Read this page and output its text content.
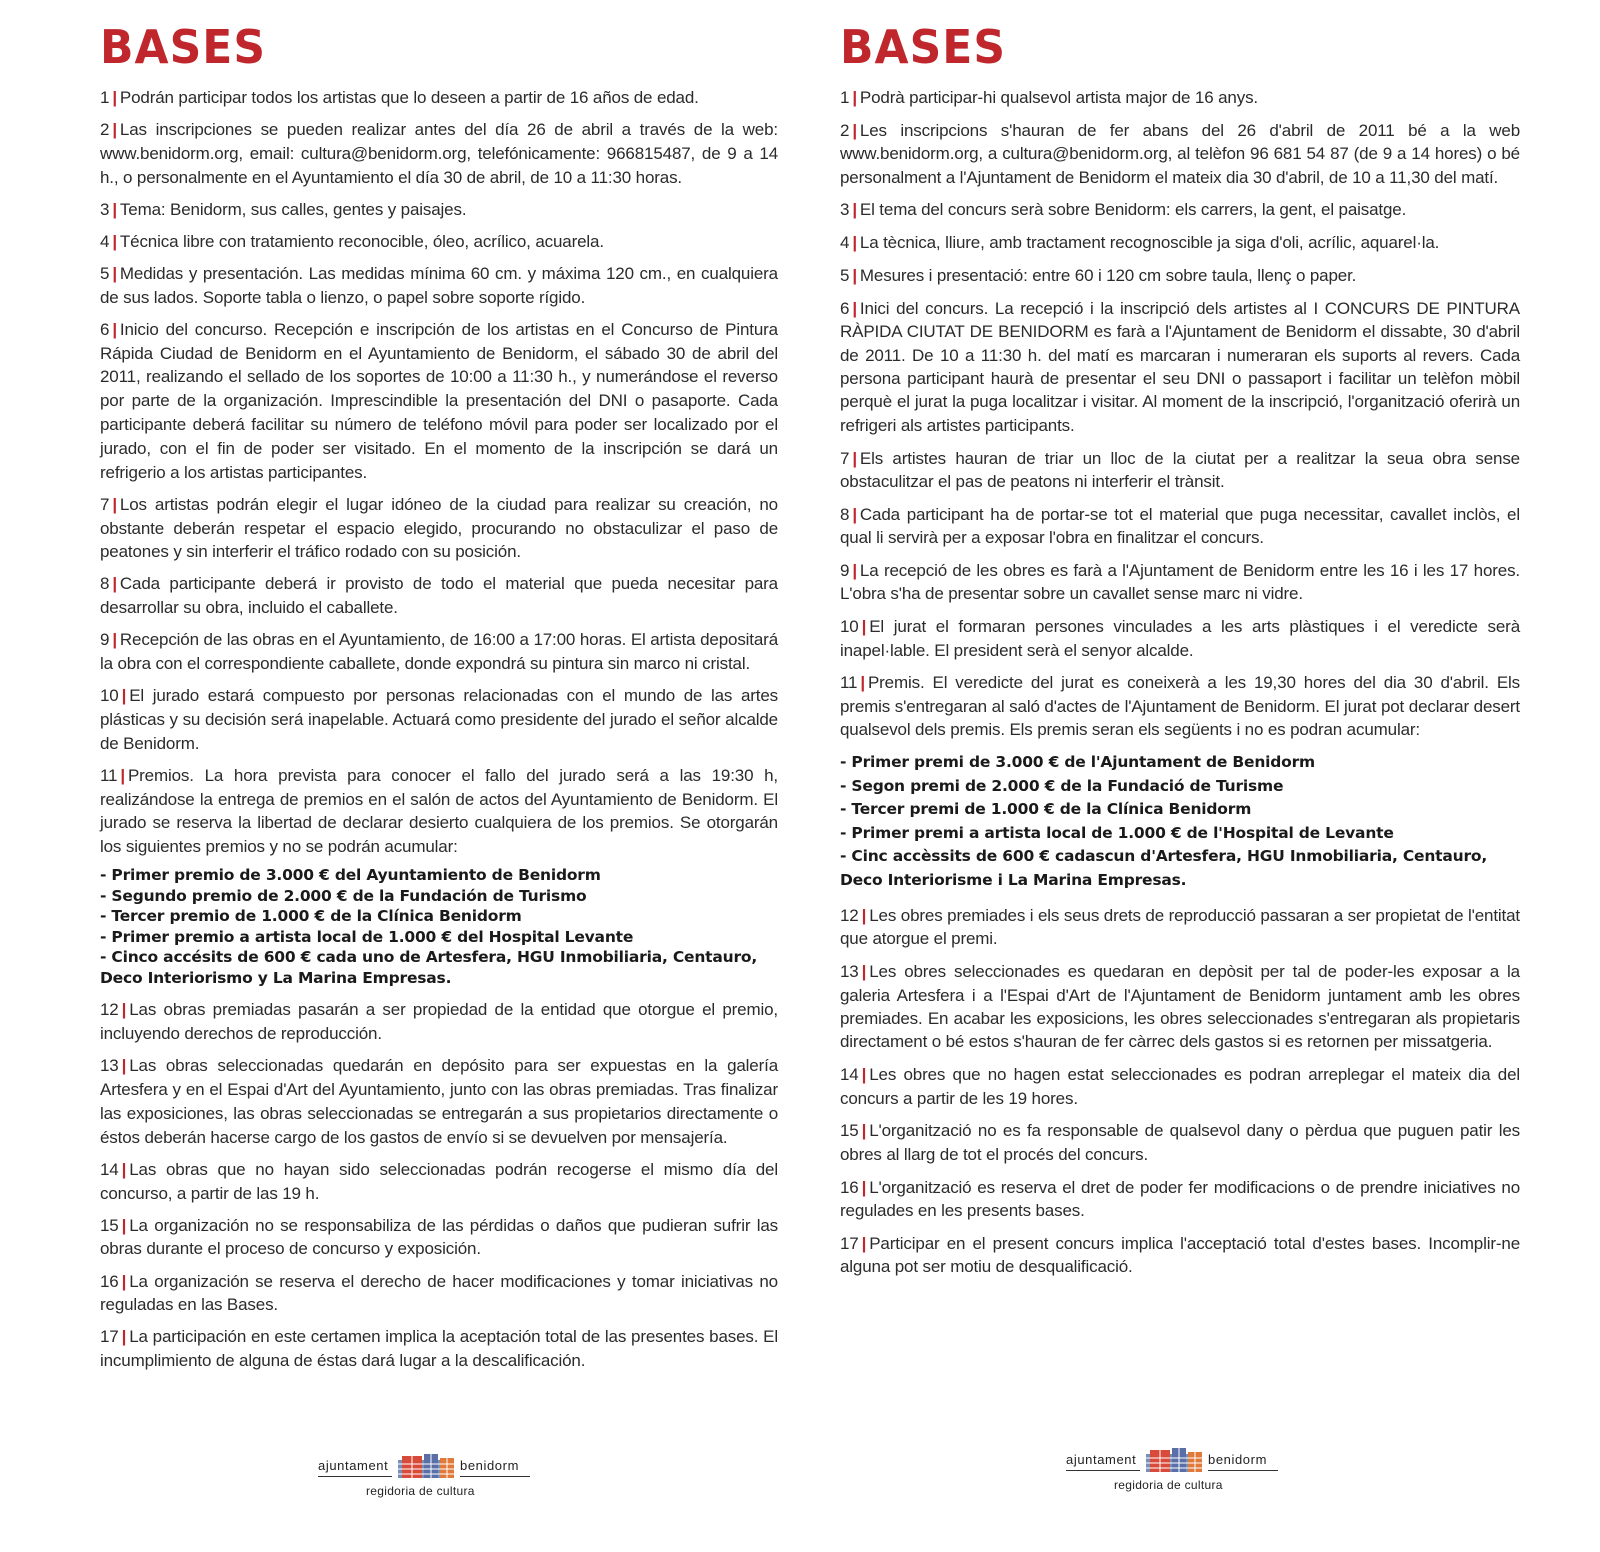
BASES

1 | Podrán participar todos los artistas que lo deseen a partir de 16 años de edad.

2 | Las inscripciones se pueden realizar antes del día 26 de abril a través de la web: www.benidorm.org, email: cultura@benidorm.org, telefónicamente: 966815487, de 9 a 14 h., o personalmente en el Ayuntamiento el día 30 de abril, de 10 a 11:30 horas.

3 | Tema: Benidorm, sus calles, gentes y paisajes.

4 | Técnica libre con tratamiento reconocible, óleo, acrílico, acuarela.

5 | Medidas y presentación. Las medidas mínima 60 cm. y máxima 120 cm., en cualquiera de sus lados. Soporte tabla o lienzo, o papel sobre soporte rígido.

6 | Inicio del concurso. Recepción e inscripción de los artistas en el Concurso de Pintura Rápida Ciudad de Benidorm en el Ayuntamiento de Benidorm, el sábado 30 de abril del 2011, realizando el sellado de los soportes de 10:00 a 11:30 h., y numerándose el reverso por parte de la organización. Imprescindible la presentación del DNI o pasaporte. Cada participante deberá facilitar su número de teléfono móvil para poder ser localizado por el jurado, con el fin de poder ser visitado. En el momento de la inscripción se dará un refrigerio a los artistas participantes.

7 | Los artistas podrán elegir el lugar idóneo de la ciudad para realizar su creación, no obstante deberán respetar el espacio elegido, procurando no obstaculizar el paso de peatones y sin interferir el tráfico rodado con su posición.

8 | Cada participante deberá ir provisto de todo el material que pueda necesitar para desarrollar su obra, incluido el caballete.

9 | Recepción de las obras en el Ayuntamiento, de 16:00 a 17:00 horas. El artista depositará la obra con el correspondiente caballete, donde expondrá su pintura sin marco ni cristal.

10 | El jurado estará compuesto por personas relacionadas con el mundo de las artes plásticas y su decisión será inapelable. Actuará como presidente del jurado el señor alcalde de Benidorm.

11 | Premios. La hora prevista para conocer el fallo del jurado será a las 19:30 h, realizándose la entrega de premios en el salón de actos del Ayuntamiento de Benidorm. El jurado se reserva la libertad de declarar desierto cualquiera de los premios. Se otorgarán los siguientes premios y no se podrán acumular:

- Primer premio de 3.000 € del Ayuntamiento de Benidorm
- Segundo premio de 2.000 € de la Fundación de Turismo
- Tercer premio de 1.000 € de la Clínica Benidorm
- Primer premio a artista local de 1.000 € del Hospital Levante
- Cinco accésits de 600 € cada uno de Artesfera, HGU Inmobiliaria, Centauro, Deco Interiorismo y La Marina Empresas.

12 | Las obras premiadas pasarán a ser propiedad de la entidad que otorgue el premio, incluyendo derechos de reproducción.

13 | Las obras seleccionadas quedarán en depósito para ser expuestas en la galería Artesfera y en el Espai d'Art del Ayuntamiento, junto con las obras premiadas. Tras finalizar las exposiciones, las obras seleccionadas se entregarán a sus propietarios directamente o éstos deberán hacerse cargo de los gastos de envío si se devuelven por mensajería.

14 | Las obras que no hayan sido seleccionadas podrán recogerse el mismo día del concurso, a partir de las 19 h.

15 | La organización no se responsabiliza de las pérdidas o daños que pudieran sufrir las obras durante el proceso de concurso y exposición.

16 | La organización se reserva el derecho de hacer modificaciones y tomar iniciativas no reguladas en las Bases.

17 | La participación en este certamen implica la aceptación total de las presentes bases. El incumplimiento de alguna de éstas dará lugar a la descalificación.

BASES

1 | Podrà participar-hi qualsevol artista major de 16 anys.

2 | Les inscripcions s'hauran de fer abans del 26 d'abril de 2011 bé a la web www.benidorm.org, a cultura@benidorm.org, al telèfon 96 681 54 87 (de 9 a 14 hores) o bé personalment a l'Ajuntament de Benidorm el mateix dia 30 d'abril, de 10 a 11,30 del matí.

3 | El tema del concurs serà sobre Benidorm: els carrers, la gent, el paisatge.

4 | La tècnica, lliure, amb tractament recognoscible ja siga d'oli, acrílic, aquarel·la.

5 | Mesures i presentació: entre 60 i 120 cm sobre taula, llenç o paper.

6 | Inici del concurs. La recepció i la inscripció dels artistes al I CONCURS DE PINTURA RÀPIDA CIUTAT DE BENIDORM es farà a l'Ajuntament de Benidorm el dissabte, 30 d'abril de 2011. De 10 a 11:30 h. del matí es marcaran i numeraran els suports al revers. Cada persona participant haurà de presentar el seu DNI o passaport i facilitar un telèfon mòbil perquè el jurat la puga localitzar i visitar. Al moment de la inscripció, l'organització oferirà un refrigeri als artistes participants.

7 | Els artistes hauran de triar un lloc de la ciutat per a realitzar la seua obra sense obstaculitzar el pas de peatons ni interferir el trànsit.

8 | Cada participant ha de portar-se tot el material que puga necessitar, cavallet inclòs, el qual li servirà per a exposar l'obra en finalitzar el concurs.

9 | La recepció de les obres es farà a l'Ajuntament de Benidorm entre les 16 i les 17 hores. L'obra s'ha de presentar sobre un cavallet sense marc ni vidre.

10 | El jurat el formaran persones vinculades a les arts plàstiques i el veredicte serà inapel·lable. El president serà el senyor alcalde.

11 | Premis. El veredicte del jurat es coneixerà a les 19,30 hores del dia 30 d'abril. Els premis s'entregaran al saló d'actes de l'Ajuntament de Benidorm. El jurat pot declarar desert qualsevol dels premis. Els premis seran els següents i no es podran acumular:

- Primer premi de 3.000 € de l'Ajuntament de Benidorm
- Segon premi de 2.000 € de la Fundació de Turisme
- Tercer premi de 1.000 € de la Clínica Benidorm
- Primer premi a artista local de 1.000 € de l'Hospital de Levante
- Cinc accèssits de 600 € cadascun d'Artesfera, HGU Inmobiliaria, Centauro, Deco Interiorisme i La Marina Empresas.

12 | Les obres premiades i els seus drets de reproducció passaran a ser propietat de l'entitat que atorgue el premi.

13 | Les obres seleccionades es quedaran en depòsit per tal de poder-les exposar a la galeria Artesfera i a l'Espai d'Art de l'Ajuntament de Benidorm juntament amb les obres premiades. En acabar les exposicions, les obres seleccionades s'entregaran als propietaris directament o bé estos s'hauran de fer càrrec dels gastos si es retornen per missatgeria.

14 | Les obres que no hagen estat seleccionades es podran arreplegar el mateix dia del concurs a partir de les 19 hores.

15 | L'organització no es fa responsable de qualsevol dany o pèrdua que puguen patir les obres al llarg de tot el procés del concurs.

16 | L'organització es reserva el dret de poder fer modificacions o de prendre iniciatives no regulades en les presents bases.

17 | Participar en el present concurs implica l'acceptació total d'estes bases. Incomplir-ne alguna pot ser motiu de desqualificació.

ajuntament	benidorm
regidoria de cultura
ajuntament	benidorm
regidoria de cultura
